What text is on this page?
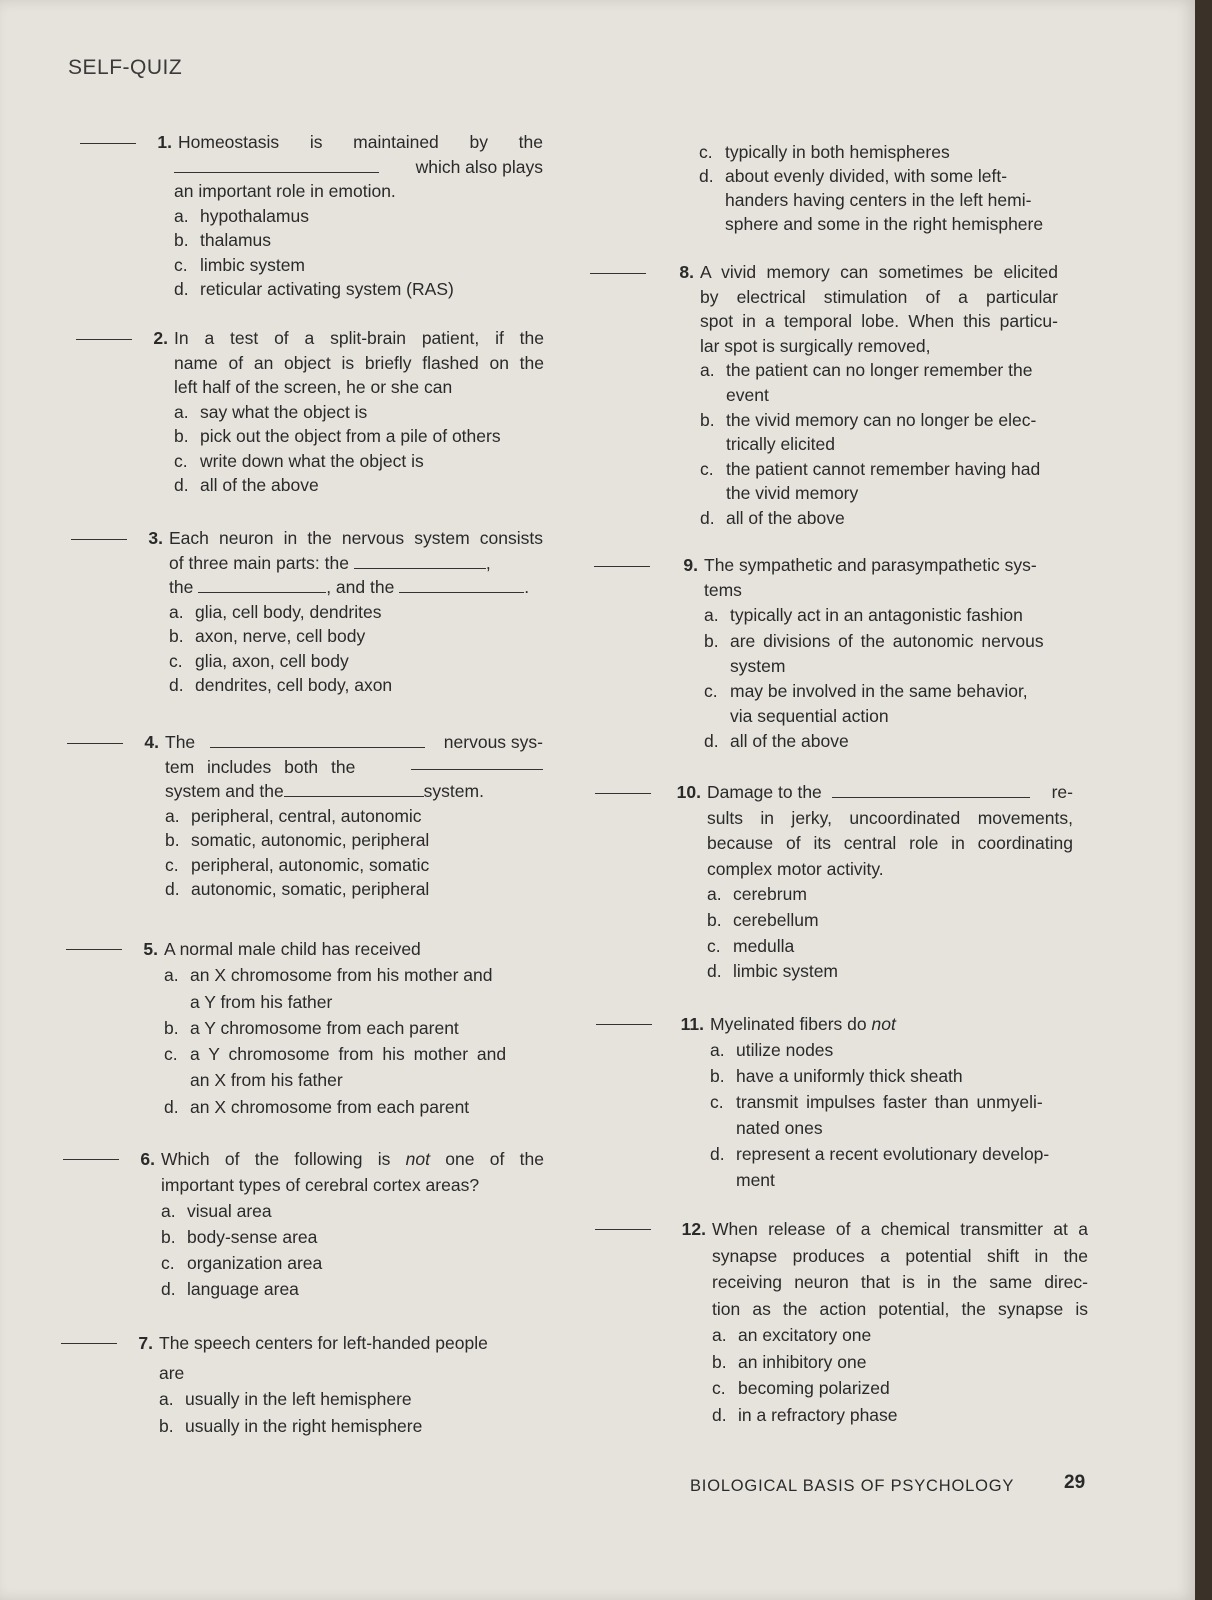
SELF-QUIZ
1. Homeostasis is maintained by the

which also plays

an important role in emotion.

a. hypothalamus

b. thalamus

c. limbic system

d. reticular activating system (RAS)

2. In a test of a split-brain patient, if the

name of an object is briefly flashed on the

left half of the screen, he or she can

a. say what the object is

b. pick out the object from a pile of others

c. write down what the object is

d. all of the above

3. Each neuron in the nervous system consists

of three main parts: the	,

the	, and the	.

a. glia, cell body, dendrites

b. axon, nerve, cell body

c. glia, axon, cell body

d. dendrites, cell body, axon

4. The	nervous sys-

tem includes both the

system and the	system.

a. peripheral, central, autonomic

b. somatic, autonomic, peripheral

c. peripheral, autonomic, somatic

d. autonomic, somatic, peripheral

5. A normal male child has received

a. an X chromosome from his mother and

a Y from his father

b. a Y chromosome from each parent

c. a Y chromosome from his mother and

an X from his father

d. an X chromosome from each parent

6. Which of the following is not one of the

important types of cerebral cortex areas?

a. visual area

b. body-sense area

c. organization area

d. language area

7. The speech centers for left-handed people

are

a. usually in the left hemisphere

b. usually in the right hemisphere

c. typically in both hemispheres

d. about evenly divided, with some left-

handers having centers in the left hemi-

sphere and some in the right hemisphere

8. A vivid memory can sometimes be elicited

by electrical stimulation of a particular

spot in a temporal lobe. When this particu-

lar spot is surgically removed,

a. the patient can no longer remember the

event

b. the vivid memory can no longer be elec-

trically elicited

c. the patient cannot remember having had

the vivid memory

d. all of the above

9. The sympathetic and parasympathetic sys-

tems

a. typically act in an antagonistic fashion

b. are divisions of the autonomic nervous

system

c. may be involved in the same behavior,

via sequential action

d. all of the above

10. Damage to the	re-

sults in jerky, uncoordinated movements,

because of its central role in coordinating

complex motor activity.

a. cerebrum

b. cerebellum

c. medulla

d. limbic system

11. Myelinated fibers do not

a. utilize nodes

b. have a uniformly thick sheath

c. transmit impulses faster than unmyeli-

nated ones

d. represent a recent evolutionary develop-

ment

12. When release of a chemical transmitter at a

synapse produces a potential shift in the

receiving neuron that is in the same direc-

tion as the action potential, the synapse is

a. an excitatory one

b. an inhibitory one

c. becoming polarized

d. in a refractory phase

BIOLOGICAL BASIS OF PSYCHOLOGY	29
